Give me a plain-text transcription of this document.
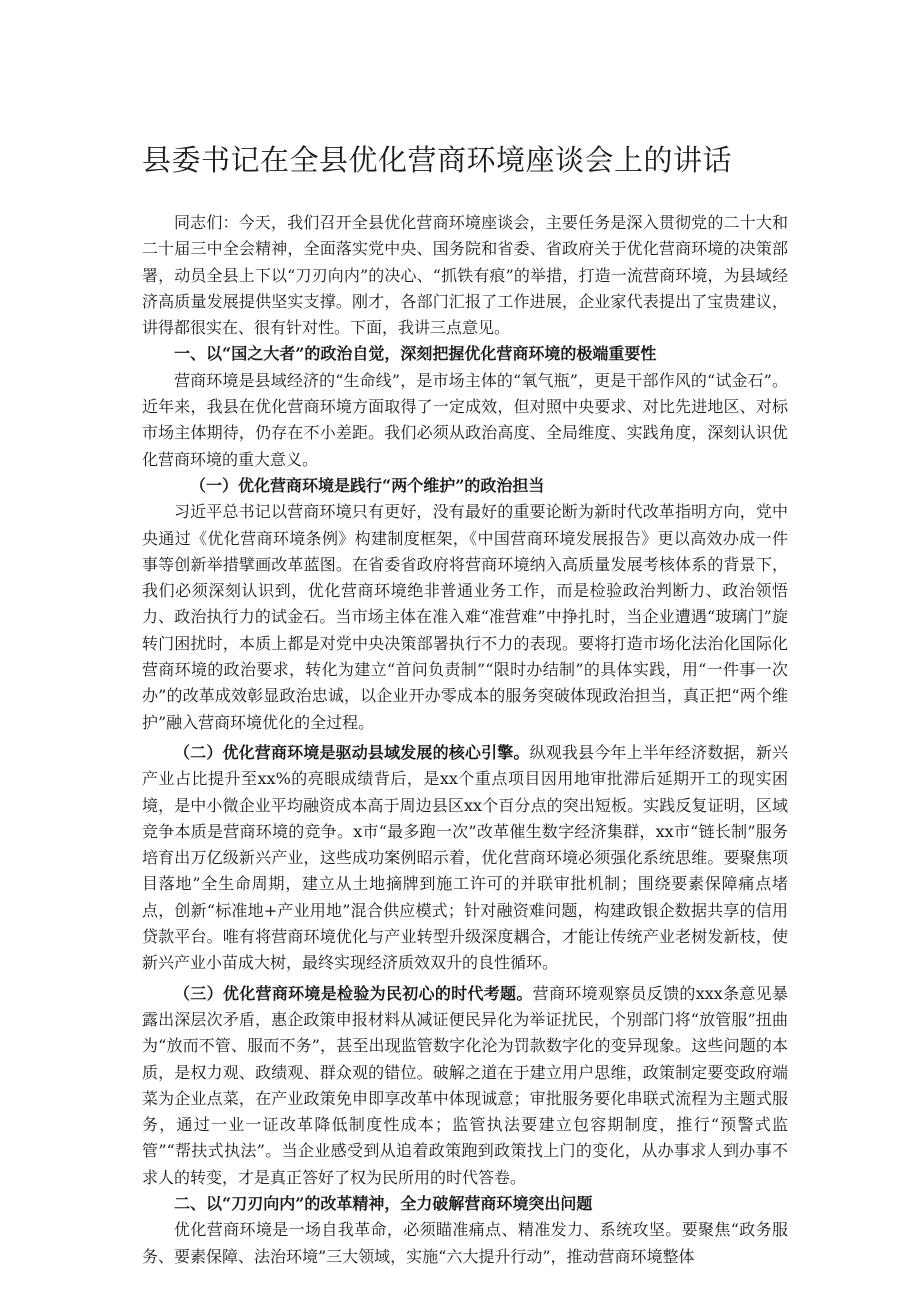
县委书记在全县优化营商环境座谈会上的讲话

同志们：今天，我们召开全县优化营商环境座谈会，主要任务是深入贯彻党的二十大和二十届三中全会精神，全面落实党中央、国务院和省委、省政府关于优化营商环境的决策部署，动员全县上下以“刀刃向内”的决心、“抓铁有痕”的举措，打造一流营商环境，为县域经济高质量发展提供坚实支撑。刚才，各部门汇报了工作进展，企业家代表提出了宝贵建议，讲得都很实在、很有针对性。下面，我讲三点意见。

一、以“国之大者”的政治自觉，深刻把握优化营商环境的极端重要性

营商环境是县域经济的“生命线”，是市场主体的“氧气瓶”，更是干部作风的“试金石”。近年来，我县在优化营商环境方面取得了一定成效，但对照中央要求、对比先进地区、对标市场主体期待，仍存在不小差距。我们必须从政治高度、全局维度、实践角度，深刻认识优化营商环境的重大意义。

（一）优化营商环境是践行“两个维护”的政治担当

习近平总书记以营商环境只有更好，没有最好的重要论断为新时代改革指明方向，党中央通过《优化营商环境条例》构建制度框架，《中国营商环境发展报告》更以高效办成一件事等创新举措擘画改革蓝图。在省委省政府将营商环境纳入高质量发展考核体系的背景下，我们必须深刻认识到，优化营商环境绝非普通业务工作，而是检验政治判断力、政治领悟力、政治执行力的试金石。当市场主体在准入难“准营难”中挣扎时，当企业遭遇“玻璃门”旋转门困扰时，本质上都是对党中央决策部署执行不力的表现。要将打造市场化法治化国际化营商环境的政治要求，转化为建立“首问负责制”“限时办结制”的具体实践，用“一件事一次办”的改革成效彰显政治忠诚，以企业开办零成本的服务突破体现政治担当，真正把“两个维护”融入营商环境优化的全过程。

（二）优化营商环境是驱动县域发展的核心引擎。纵观我县今年上半年经济数据，新兴产业占比提升至xx%的亮眼成绩背后，是xx个重点项目因用地审批滞后延期开工的现实困境，是中小微企业平均融资成本高于周边县区xx个百分点的突出短板。实践反复证明，区域竞争本质是营商环境的竞争。x市“最多跑一次”改革催生数字经济集群，xx市“链长制”服务培育出万亿级新兴产业，这些成功案例昭示着，优化营商环境必须强化系统思维。要聚焦项目落地”全生命周期，建立从土地摘牌到施工许可的并联审批机制；围绕要素保障痛点堵点，创新“标准地+产业用地”混合供应模式；针对融资难问题，构建政银企数据共享的信用贷款平台。唯有将营商环境优化与产业转型升级深度耦合，才能让传统产业老树发新枝，使新兴产业小苗成大树，最终实现经济质效双升的良性循环。

（三）优化营商环境是检验为民初心的时代考题。营商环境观察员反馈的xxx条意见暴露出深层次矛盾，惠企政策申报材料从减证便民异化为举证扰民，个别部门将“放管服”扭曲为“放而不管、服而不务”，甚至出现监管数字化沦为罚款数字化的变异现象。这些问题的本质，是权力观、政绩观、群众观的错位。破解之道在于建立用户思维，政策制定要变政府端菜为企业点菜，在产业政策免申即享改革中体现诚意；审批服务要化串联式流程为主题式服务，通过一业一证改革降低制度性成本；监管执法要建立包容期制度，推行“预警式监管”“帮扶式执法”。当企业感受到从追着政策跑到政策找上门的变化，从办事求人到办事不求人的转变，才是真正答好了权为民所用的时代答卷。

二、以“刀刃向内”的改革精神，全力破解营商环境突出问题

优化营商环境是一场自我革命，必须瞄准痛点、精准发力、系统攻坚。要聚焦“政务服务、要素保障、法治环境”三大领域，实施“六大提升行动”，推动营商环境整体
